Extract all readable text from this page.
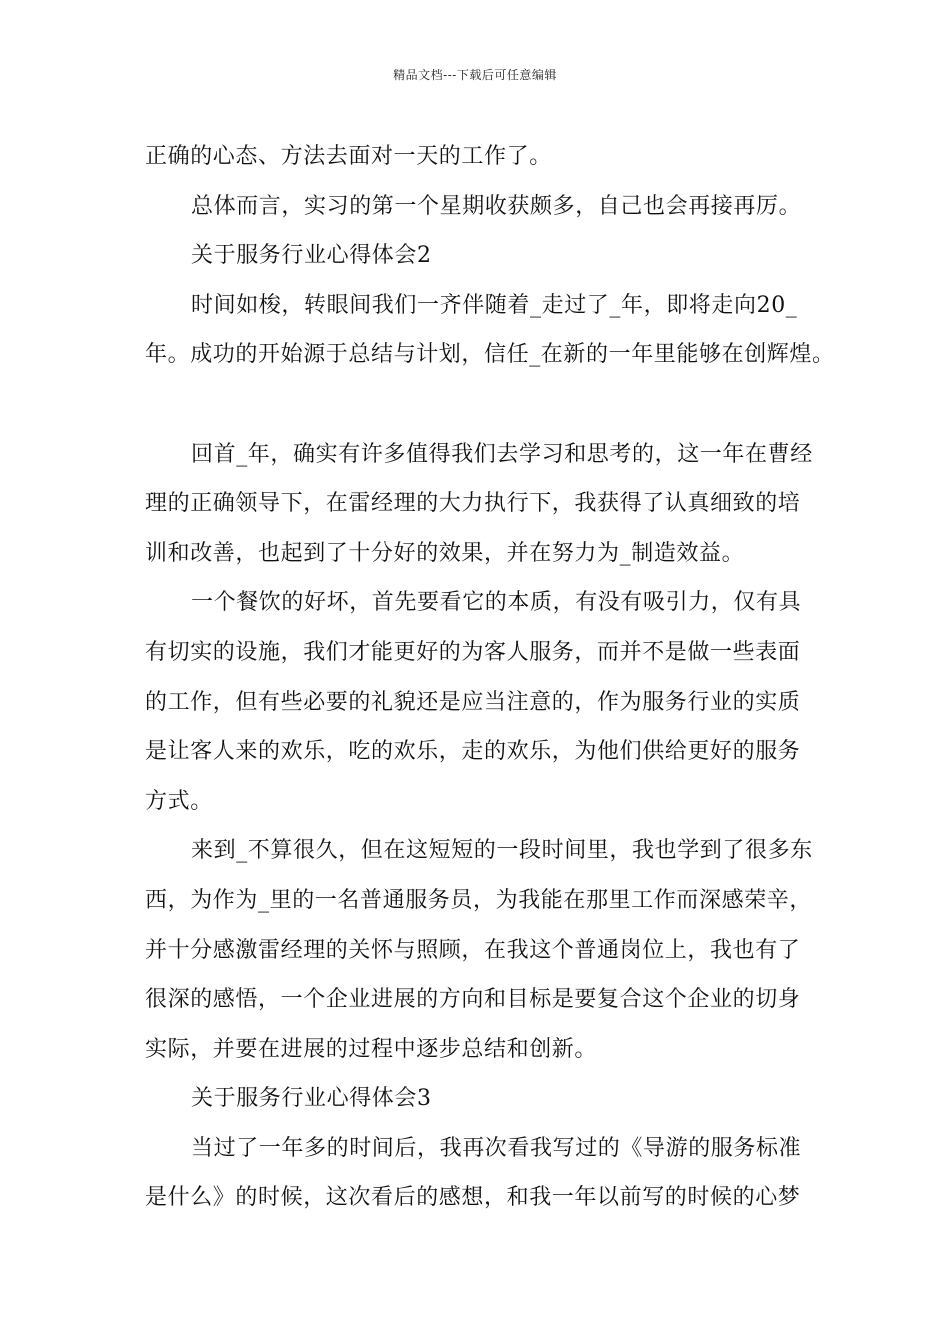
精品文档---下载后可任意编辑
正确的心态、方法去面对一天的工作了。
总体而言，实习的第一个星期收获颇多，自己也会再接再厉。
关于服务行业心得体会2
时间如梭，转眼间我们一齐伴随着_走过了_年，即将走向20_
年。成功的开始源于总结与计划，信任_在新的一年里能够在创辉煌。
回首_年，确实有许多值得我们去学习和思考的，这一年在曹经
理的正确领导下，在雷经理的大力执行下，我获得了认真细致的培
训和改善，也起到了十分好的效果，并在努力为_制造效益。
一个餐饮的好坏，首先要看它的本质，有没有吸引力，仅有具
有切实的设施，我们才能更好的为客人服务，而并不是做一些表面
的工作，但有些必要的礼貌还是应当注意的，作为服务行业的实质
是让客人来的欢乐，吃的欢乐，走的欢乐，为他们供给更好的服务
方式。
来到_不算很久，但在这短短的一段时间里，我也学到了很多东
西，为作为_里的一名普通服务员，为我能在那里工作而深感荣辛，
并十分感激雷经理的关怀与照顾，在我这个普通岗位上，我也有了
很深的感悟，一个企业进展的方向和目标是要复合这个企业的切身
实际，并要在进展的过程中逐步总结和创新。
关于服务行业心得体会3
当过了一年多的时间后，我再次看我写过的《导游的服务标准
是什么》的时候，这次看后的感想，和我一年以前写的时候的心梦
